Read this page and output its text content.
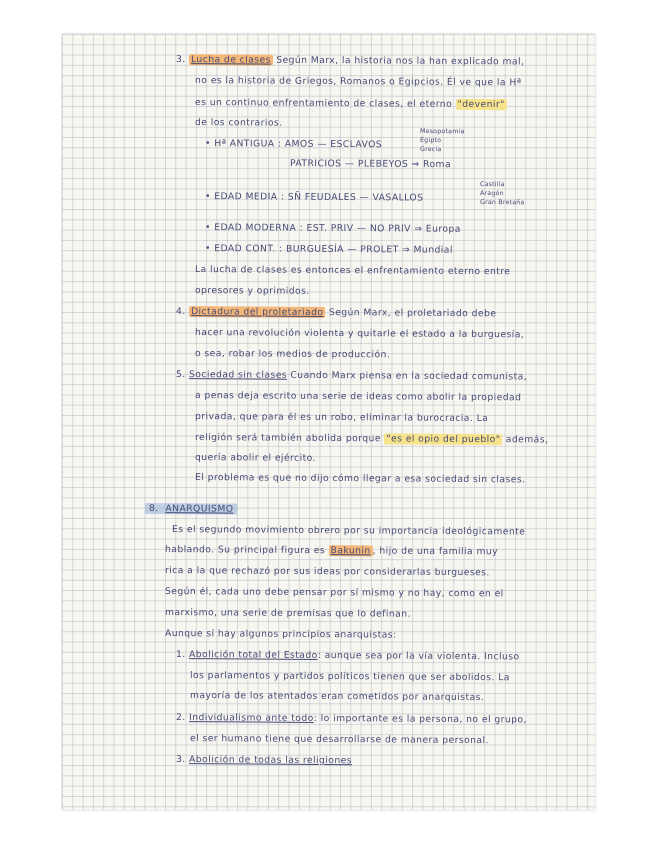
3. Lucha de clases Según Marx, la historia nos la han explicado mal,
no es la historia de Griegos, Romanos o Egipcios. Él ve que la Hª
es un continuo enfrentamiento de clases, el eterno "devenir"
de los contrarios.
• Hª ANTIGUA : AMOS — ESCLAVOS
Mesopotamia
Egipto
Grecia
PATRICIOS — PLEBEYOS ⇒ Roma
• EDAD MEDIA : SÑ FEUDALES — VASALLOS
Castilla
Aragón
Gran Bretaña
• EDAD MODERNA : EST. PRIV — NO PRIV ⇒ Europa
• EDAD CONT. : BURGUESÍA — PROLET ⇒ Mundial
La lucha de clases es entonces el enfrentamiento eterno entre
opresores y oprimidos.
4. Dictadura del proletariado Según Marx, el proletariado debe
hacer una revolución violenta y quitarle el estado a la burguesía,
o sea, robar los medios de producción.
5. Sociedad sin clases Cuando Marx piensa en la sociedad comunista,
a penas deja escrito una serie de ideas como abolir la propiedad
privada, que para él es un robo, eliminar la burocracia. La
religión será también abolida porque "es el opio del pueblo" además,
quería abolir el ejército.
El problema es que no dijo cómo llegar a esa sociedad sin clases.
8. ANARQUISMO
Es el segundo movimiento obrero por su importancia ideológicamente
hablando. Su principal figura es Bakunin , hijo de una familia muy
rica a la que rechazó por sus ideas por considerarlas burgueses.
Según él, cada uno debe pensar por sí mismo y no hay, como en el
marxismo, una serie de premisas que lo definan.
Aunque sí hay algunos principios anarquistas:
1. Abolición total del Estado: aunque sea por la vía violenta. Incluso
los parlamentos y partidos políticos tienen que ser abolidos. La
mayoría de los atentados eran cometidos por anarquistas.
2. Individualismo ante todo: lo importante es la persona, no el grupo,
el ser humano tiene que desarrollarse de manera personal.
3. Abolición de todas las religiones
